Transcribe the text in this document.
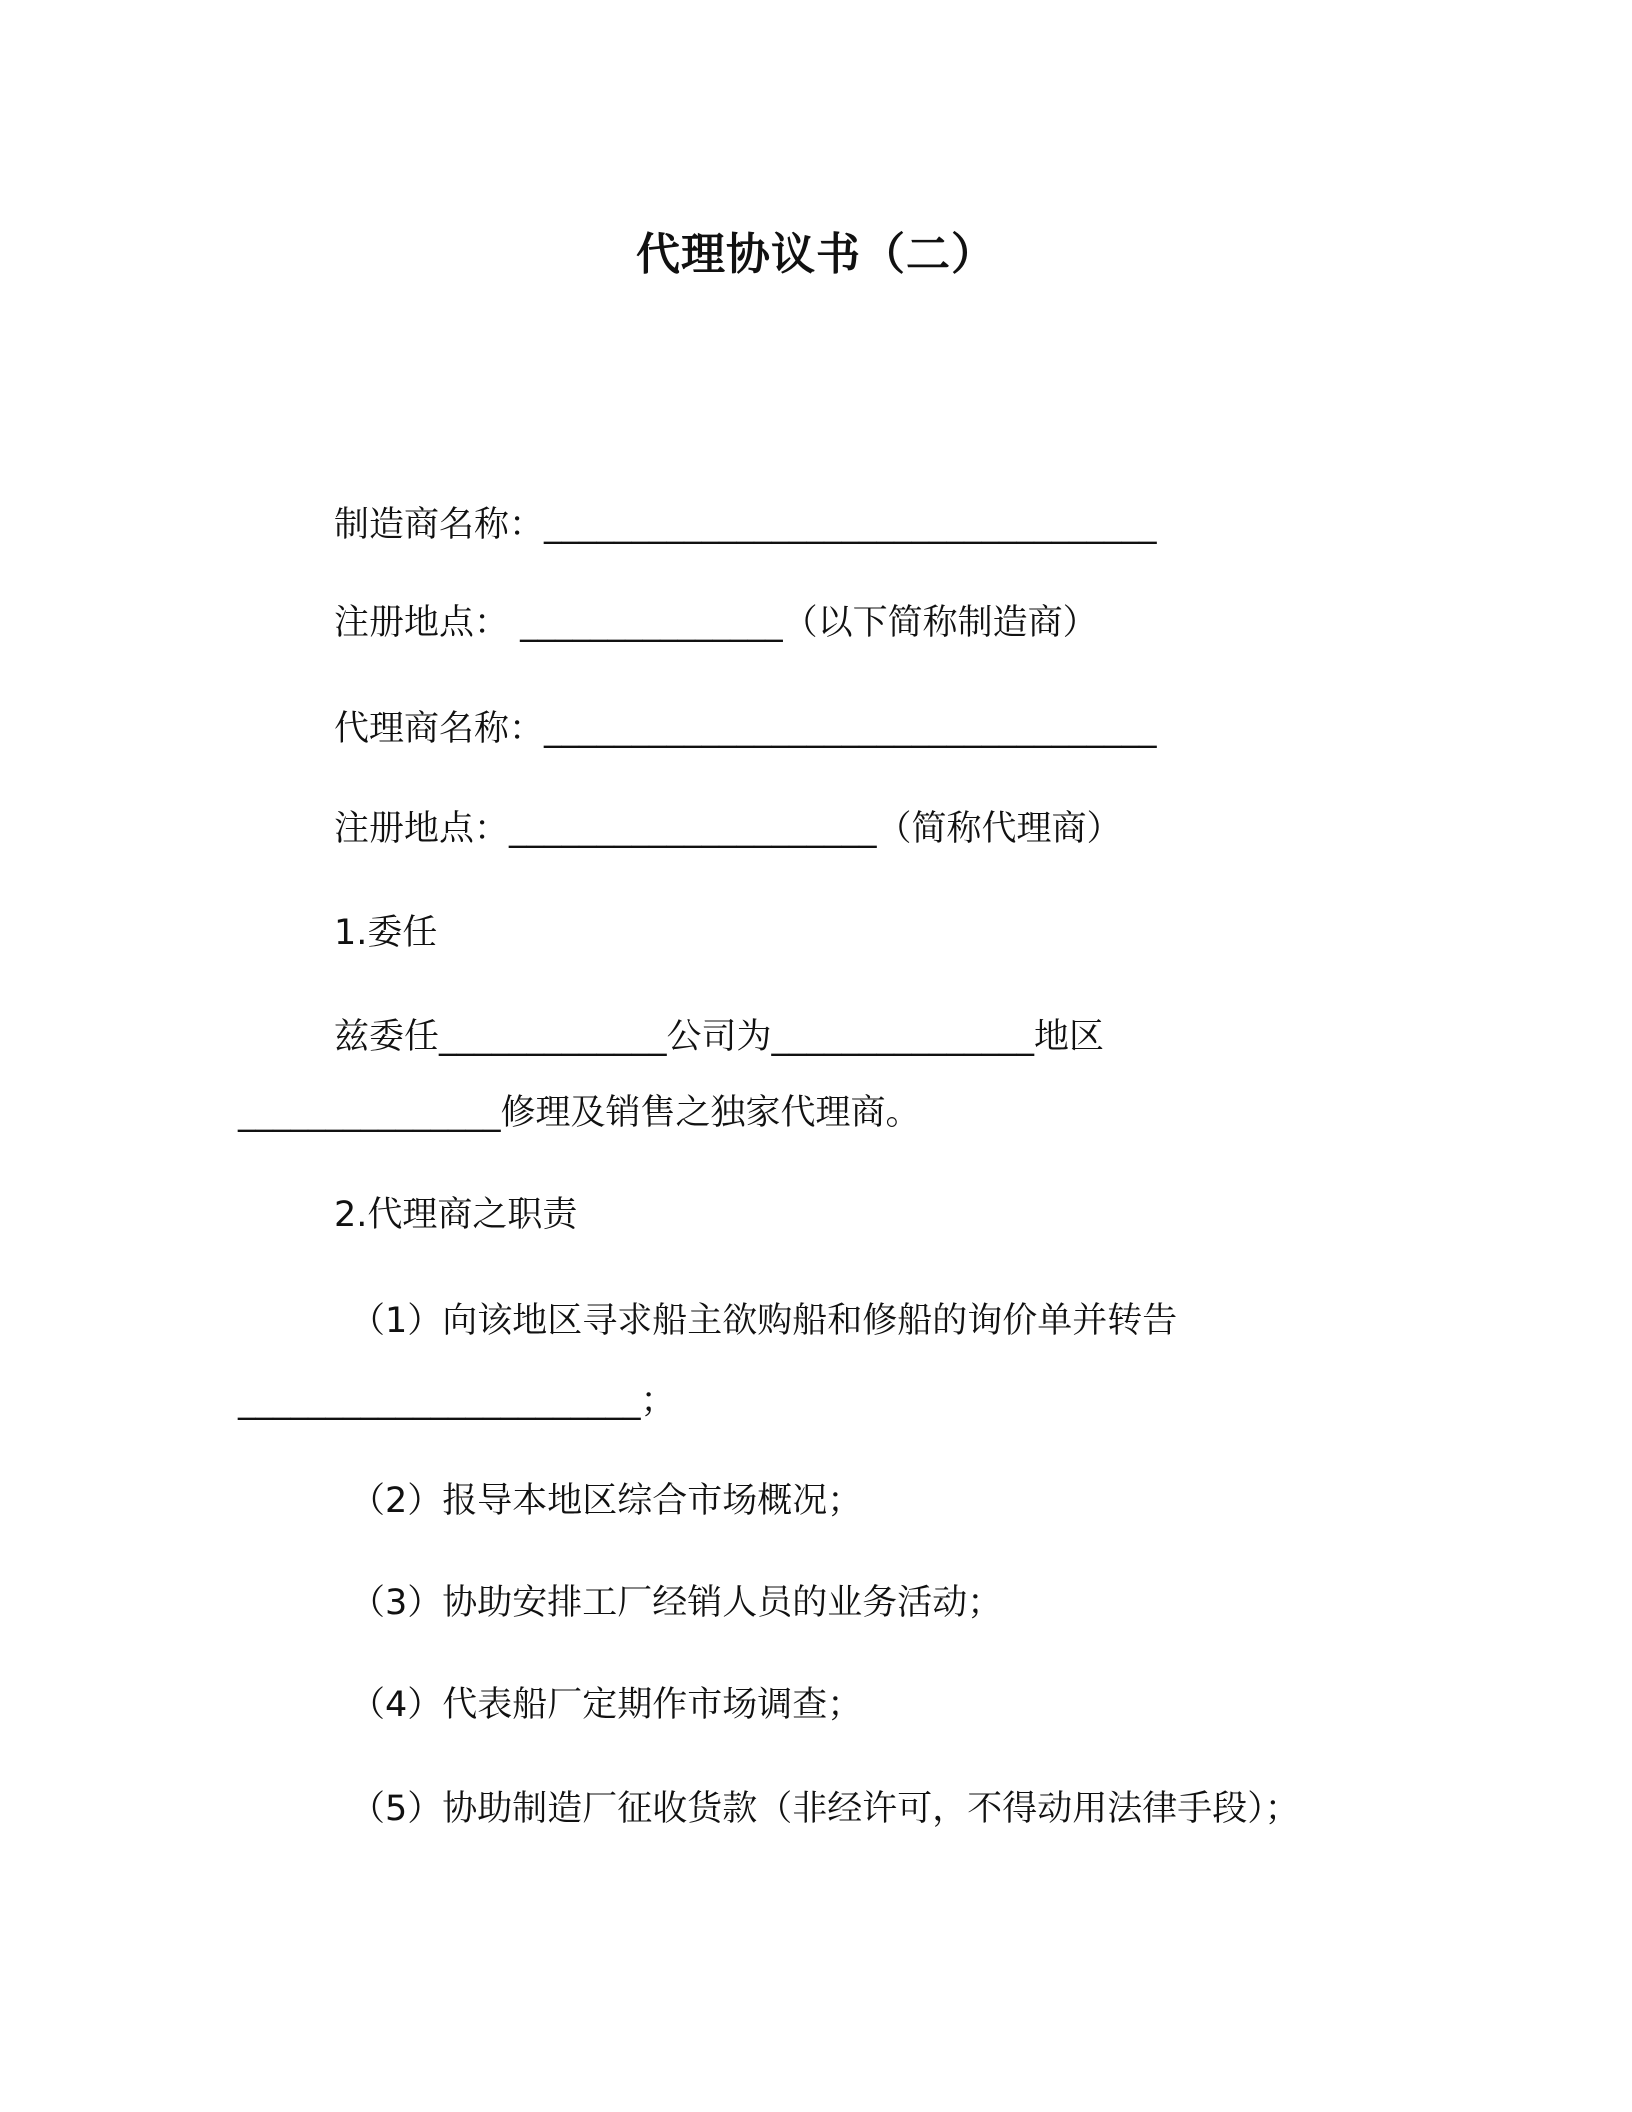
代理协议书（二）
制造商名称：___________________________________
注册地点： _______________（以下简称制造商）
代理商名称：___________________________________
注册地点：_____________________（简称代理商）
1.委任
兹委任_____________公司为_______________地区
_______________修理及销售之独家代理商。
2.代理商之职责
（1）向该地区寻求船主欲购船和修船的询价单并转告
_______________________；
（2）报导本地区综合市场概况；
（3）协助安排工厂经销人员的业务活动；
（4）代表船厂定期作市场调查；
（5）协助制造厂征收货款（非经许可，不得动用法律手段）；
